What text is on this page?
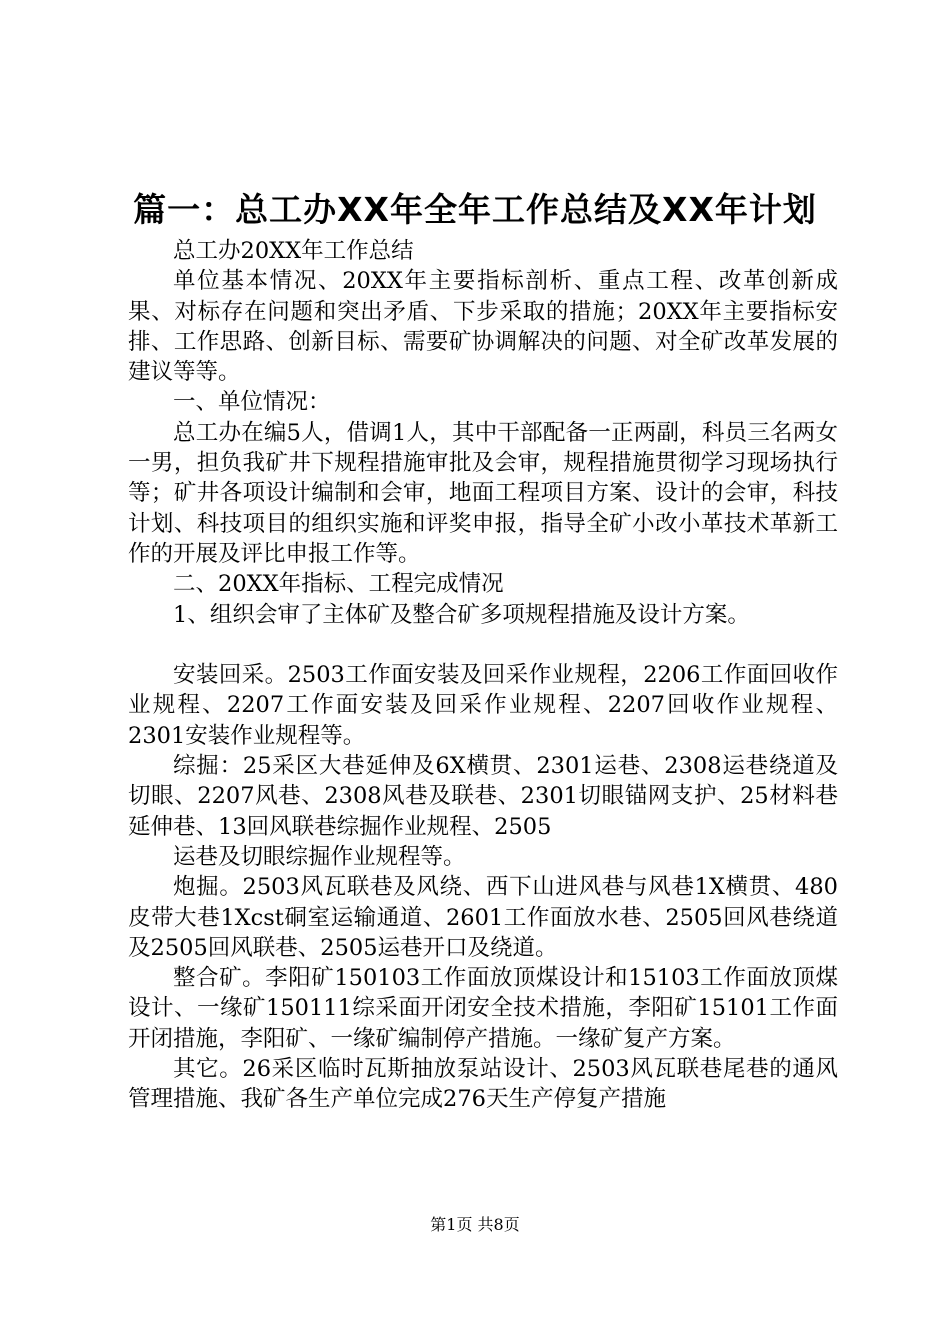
篇一：总工办XX年全年工作总结及XX年计划

总工办20XX年工作总结

单位基本情况、20XX年主要指标剖析、重点工程、改革创新成果、对标存在问题和突出矛盾、下步采取的措施；20XX年主要指标安排、工作思路、创新目标、需要矿协调解决的问题、对全矿改革发展的建议等等。

一、单位情况：

总工办在编5人，借调1人，其中干部配备一正两副，科员三名两女一男，担负我矿井下规程措施审批及会审，规程措施贯彻学习现场执行等；矿井各项设计编制和会审，地面工程项目方案、设计的会审，科技计划、科技项目的组织实施和评奖申报，指导全矿小改小革技术革新工作的开展及评比申报工作等。

二、20XX年指标、工程完成情况

1、组织会审了主体矿及整合矿多项规程措施及设计方案。

安装回采。2503工作面安装及回采作业规程，2206工作面回收作业规程、2207工作面安装及回采作业规程、2207回收作业规程、2301安装作业规程等。

综掘：25采区大巷延伸及6X横贯、2301运巷、2308运巷绕道及切眼、2207风巷、2308风巷及联巷、2301切眼锚网支护、25材料巷延伸巷、13回风联巷综掘作业规程、2505

运巷及切眼综掘作业规程等。

炮掘。2503风瓦联巷及风绕、西下山进风巷与风巷1X横贯、480皮带大巷1Xcst硐室运输通道、2601工作面放水巷、2505回风巷绕道及2505回风联巷、2505运巷开口及绕道。

整合矿。李阳矿150103工作面放顶煤设计和15103工作面放顶煤设计、一缘矿150111综采面开闭安全技术措施，李阳矿15101工作面开闭措施，李阳矿、一缘矿编制停产措施。一缘矿复产方案。

其它。26采区临时瓦斯抽放泵站设计、2503风瓦联巷尾巷的通风管理措施、我矿各生产单位完成276天生产停复产措施

第1页 共8页
